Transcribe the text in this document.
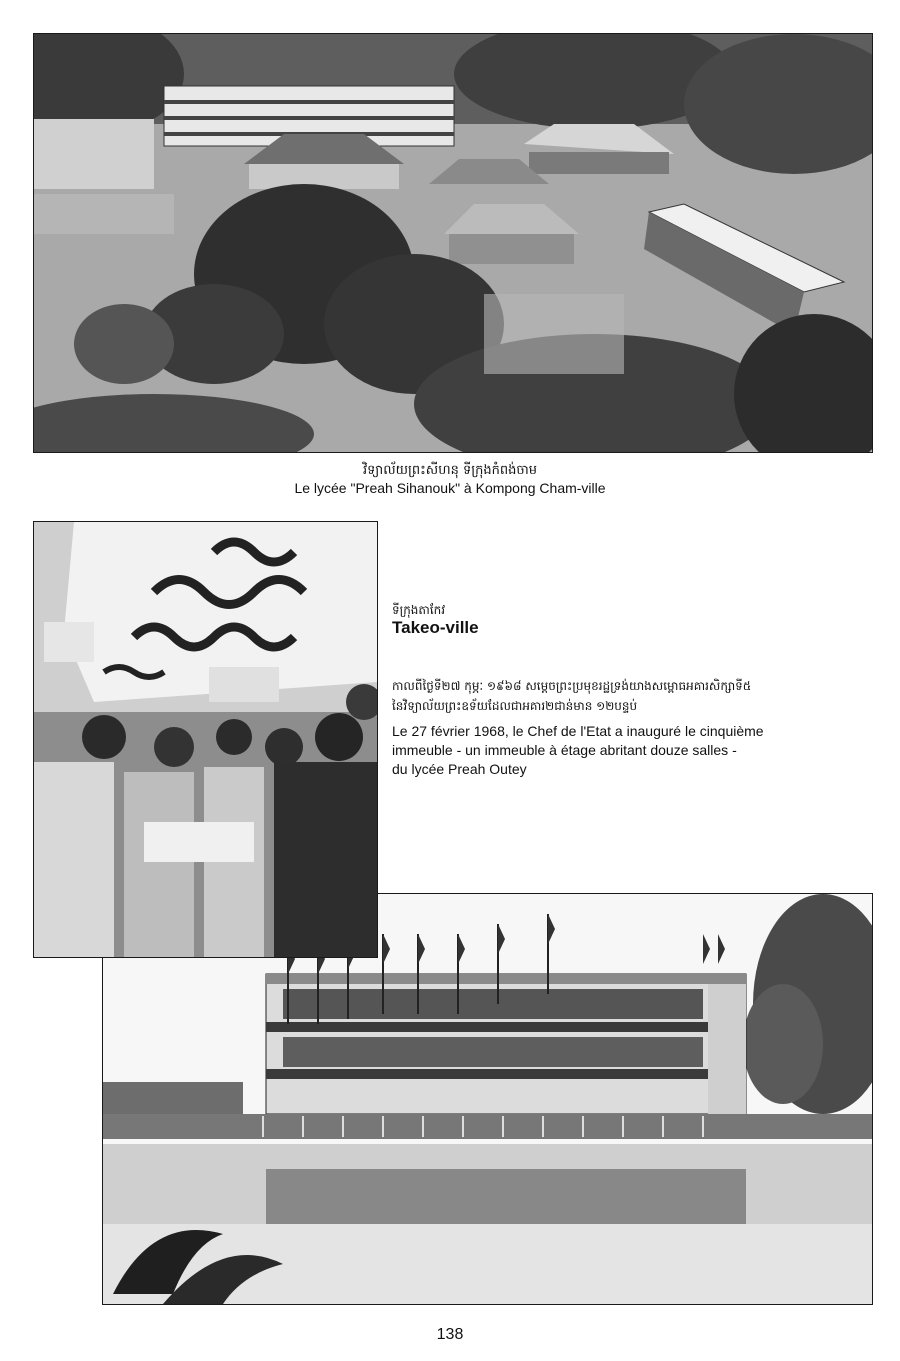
វិទ្យាល័យព្រះសីហនុ ទីក្រុងកំពង់ចាម
Le lycée "Preah Sihanouk" à Kompong Cham-ville
ទីក្រុងតាកែវ
Takeo-ville
កាលពីថ្ងៃទី២៧ កុម្ភៈ ១៩៦៨ សម្តេចព្រះប្រមុខរដ្ឋទ្រង់យាងសម្ពោធអគារសិក្សាទី៥
នៃវិទ្យាល័យព្រះឧទ័យដែលជាអគារ២ជាន់មាន ១២បន្ទប់
Le 27 février 1968, le Chef de l'Etat a inauguré le cinquième
immeuble - un immeuble à étage abritant douze salles -
du lycée Preah Outey
138
